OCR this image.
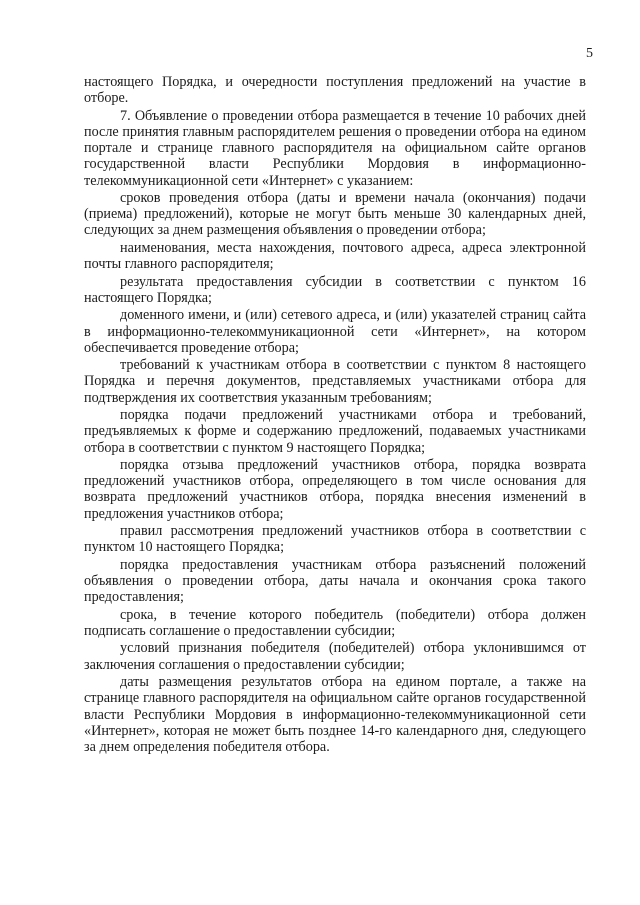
5

настоящего Порядка, и очередности поступления предложений на участие в отборе.

7. Объявление о проведении отбора размещается в течение 10 рабочих дней после принятия главным распорядителем решения о проведении отбора на едином портале и странице главного распорядителя на официальном сайте органов государственной власти Республики Мордовия в информационно-телекоммуникационной сети «Интернет» с указанием:

сроков проведения отбора (даты и времени начала (окончания) подачи (приема) предложений), которые не могут быть меньше 30 календарных дней, следующих за днем размещения объявления о проведении отбора;

наименования, места нахождения, почтового адреса, адреса электронной почты главного распорядителя;

результата предоставления субсидии в соответствии с пунктом 16 настоящего Порядка;

доменного имени, и (или) сетевого адреса, и (или) указателей страниц сайта в информационно-телекоммуникационной сети «Интернет», на котором обеспечивается проведение отбора;

требований к участникам отбора в соответствии с пунктом 8 настоящего Порядка и перечня документов, представляемых участниками отбора для подтверждения их соответствия указанным требованиям;

порядка подачи предложений участниками отбора и требований, предъявляемых к форме и содержанию предложений, подаваемых участниками отбора в соответствии с пунктом 9 настоящего Порядка;

порядка отзыва предложений участников отбора, порядка возврата предложений участников отбора, определяющего в том числе основания для возврата предложений участников отбора, порядка внесения изменений в предложения участников отбора;

правил рассмотрения предложений участников отбора в соответствии с пунктом 10 настоящего Порядка;

порядка предоставления участникам отбора разъяснений положений объявления о проведении отбора, даты начала и окончания срока такого предоставления;

срока, в течение которого победитель (победители) отбора должен подписать соглашение о предоставлении субсидии;

условий признания победителя (победителей) отбора уклонившимся от заключения соглашения о предоставлении субсидии;

даты размещения результатов отбора на едином портале, а также на странице главного распорядителя на официальном сайте органов государственной власти Республики Мордовия в информационно-телекоммуникационной сети «Интернет», которая не может быть позднее 14-го календарного дня, следующего за днем определения победителя отбора.
